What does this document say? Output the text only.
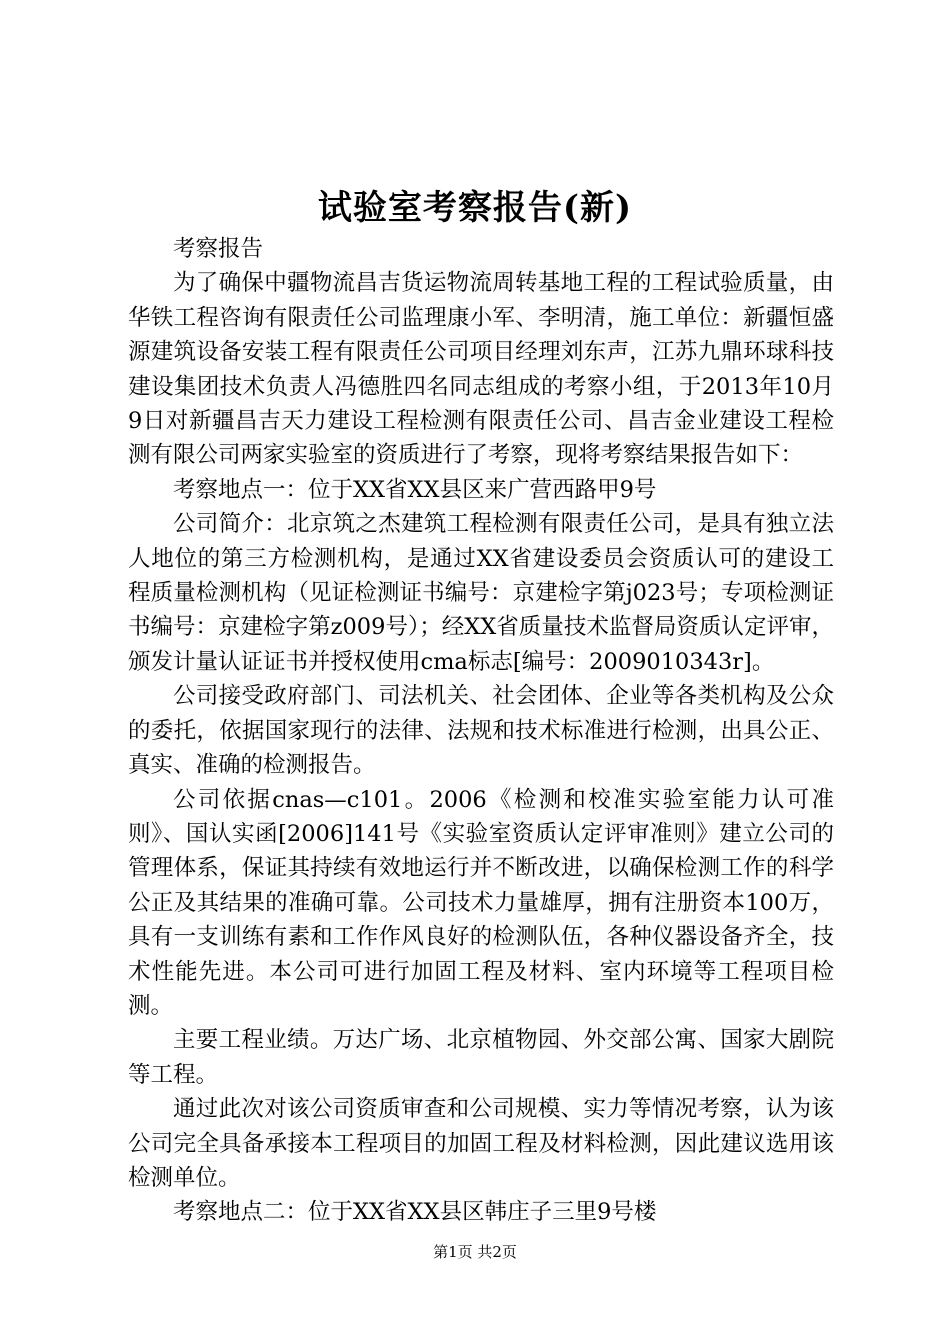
试验室考察报告(新)

考察报告

为了确保中疆物流昌吉货运物流周转基地工程的工程试验质量，由华铁工程咨询有限责任公司监理康小军、李明清，施工单位：新疆恒盛源建筑设备安装工程有限责任公司项目经理刘东声，江苏九鼎环球科技建设集团技术负责人冯德胜四名同志组成的考察小组，于2013年10月9日对新疆昌吉天力建设工程检测有限责任公司、昌吉金业建设工程检测有限公司两家实验室的资质进行了考察，现将考察结果报告如下：

考察地点一：位于XX省XX县区来广营西路甲9号

公司简介：北京筑之杰建筑工程检测有限责任公司，是具有独立法人地位的第三方检测机构，是通过XX省建设委员会资质认可的建设工程质量检测机构（见证检测证书编号：京建检字第j023号；专项检测证书编号：京建检字第z009号）；经XX省质量技术监督局资质认定评审，颁发计量认证证书并授权使用cma标志[编号：2009010343r]。

公司接受政府部门、司法机关、社会团体、企业等各类机构及公众的委托，依据国家现行的法律、法规和技术标准进行检测，出具公正、真实、准确的检测报告。

公司依据cnas—c101。2006《检测和校准实验室能力认可准则》、国认实函[2006]141号《实验室资质认定评审准则》建立公司的管理体系，保证其持续有效地运行并不断改进，以确保检测工作的科学公正及其结果的准确可靠。公司技术力量雄厚，拥有注册资本100万，具有一支训练有素和工作作风良好的检测队伍，各种仪器设备齐全，技术性能先进。本公司可进行加固工程及材料、室内环境等工程项目检测。

主要工程业绩。万达广场、北京植物园、外交部公寓、国家大剧院等工程。

通过此次对该公司资质审查和公司规模、实力等情况考察，认为该公司完全具备承接本工程项目的加固工程及材料检测，因此建议选用该检测单位。

考察地点二：位于XX省XX县区韩庄子三里9号楼

第1页 共2页
